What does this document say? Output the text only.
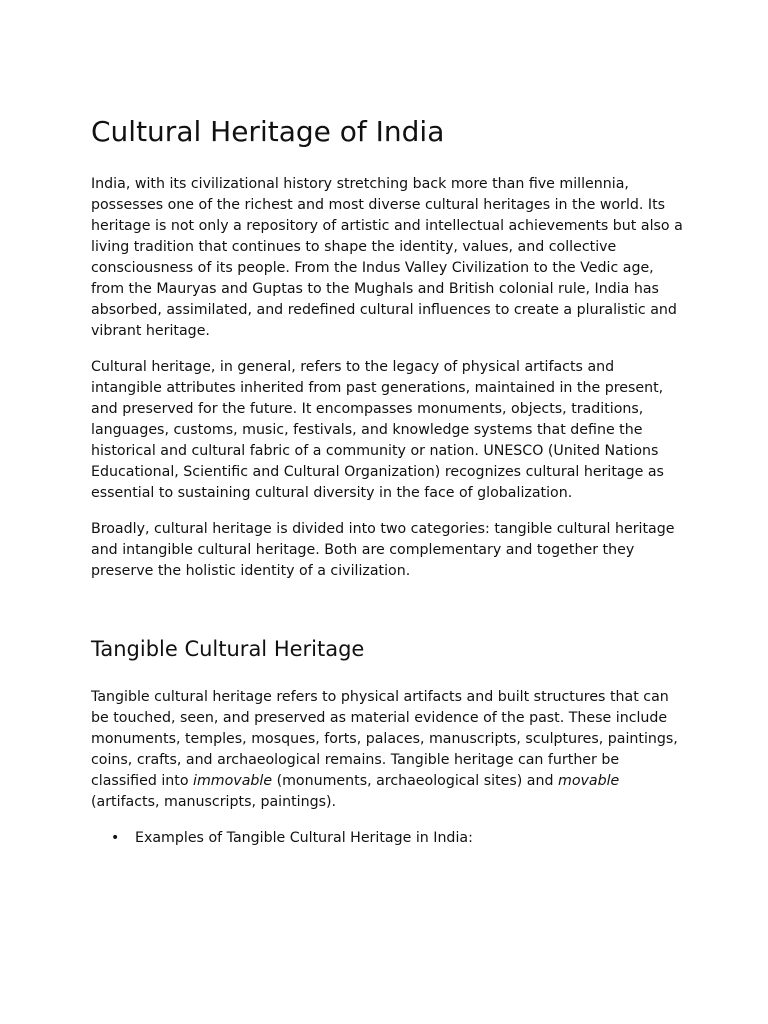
Cultural Heritage of India

India, with its civilizational history stretching back more than five millennia, possesses one of the richest and most diverse cultural heritages in the world. Its heritage is not only a repository of artistic and intellectual achievements but also a living tradition that continues to shape the identity, values, and collective consciousness of its people. From the Indus Valley Civilization to the Vedic age, from the Mauryas and Guptas to the Mughals and British colonial rule, India has absorbed, assimilated, and redefined cultural influences to create a pluralistic and vibrant heritage.

Cultural heritage, in general, refers to the legacy of physical artifacts and intangible attributes inherited from past generations, maintained in the present, and preserved for the future. It encompasses monuments, objects, traditions, languages, customs, music, festivals, and knowledge systems that define the historical and cultural fabric of a community or nation. UNESCO (United Nations Educational, Scientific and Cultural Organization) recognizes cultural heritage as essential to sustaining cultural diversity in the face of globalization.

Broadly, cultural heritage is divided into two categories: tangible cultural heritage and intangible cultural heritage. Both are complementary and together they preserve the holistic identity of a civilization.

Tangible Cultural Heritage

Tangible cultural heritage refers to physical artifacts and built structures that can be touched, seen, and preserved as material evidence of the past. These include monuments, temples, mosques, forts, palaces, manuscripts, sculptures, paintings, coins, crafts, and archaeological remains. Tangible heritage can further be classified into immovable (monuments, archaeological sites) and movable (artifacts, manuscripts, paintings).

• Examples of Tangible Cultural Heritage in India:
